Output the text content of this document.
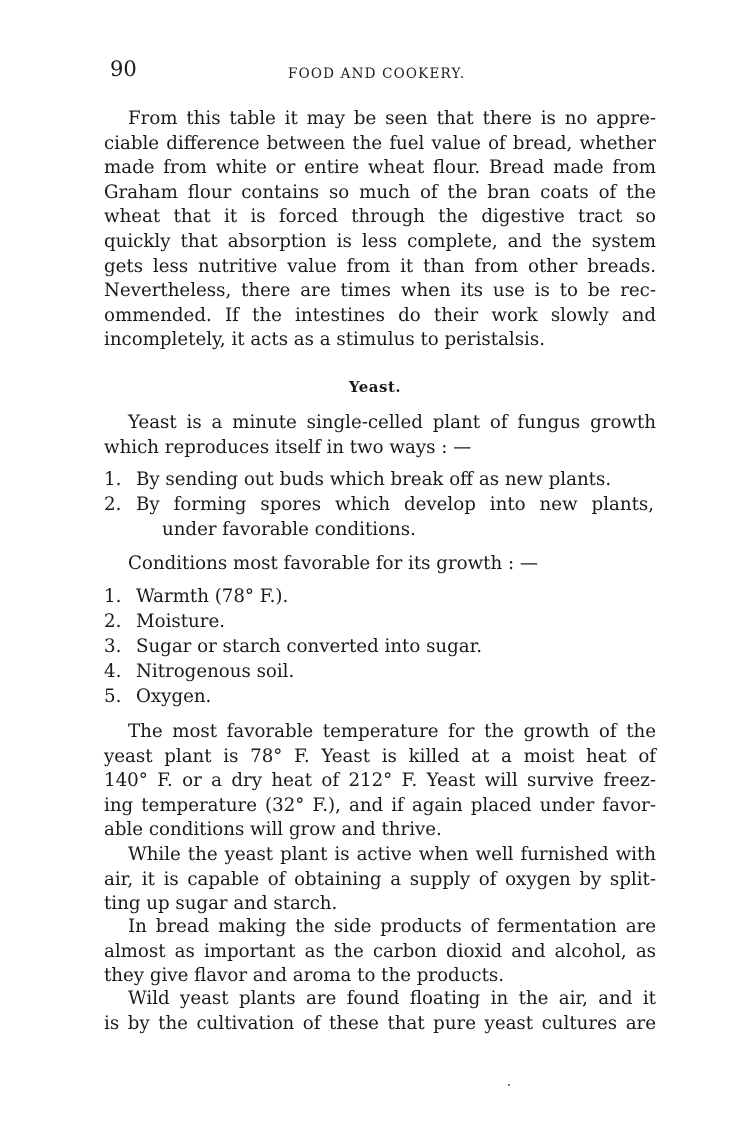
90	FOOD AND COOKERY.
From this table it may be seen that there is no appre-
ciable difference between the fuel value of bread, whether
made from white or entire wheat flour. Bread made from
Graham flour contains so much of the bran coats of the
wheat that it is forced through the digestive tract so
quickly that absorption is less complete, and the system
gets less nutritive value from it than from other breads.
Nevertheless, there are times when its use is to be rec-
ommended. If the intestines do their work slowly and
incompletely, it acts as a stimulus to peristalsis.
Yeast.
Yeast is a minute single-celled plant of fungus growth
which reproduces itself in two ways : —
1. By sending out buds which break off as new plants.
2. By forming spores which develop into new plants,
under favorable conditions.
Conditions most favorable for its growth : —
1. Warmth (78° F.).
2. Moisture.
3. Sugar or starch converted into sugar.
4. Nitrogenous soil.
5. Oxygen.
The most favorable temperature for the growth of the
yeast plant is 78° F. Yeast is killed at a moist heat of
140° F. or a dry heat of 212° F. Yeast will survive freez-
ing temperature (32° F.), and if again placed under favor-
able conditions will grow and thrive.
While the yeast plant is active when well furnished with
air, it is capable of obtaining a supply of oxygen by split-
ting up sugar and starch.
In bread making the side products of fermentation are
almost as important as the carbon dioxid and alcohol, as
they give flavor and aroma to the products.
Wild yeast plants are found floating in the air, and it
is by the cultivation of these that pure yeast cultures are
